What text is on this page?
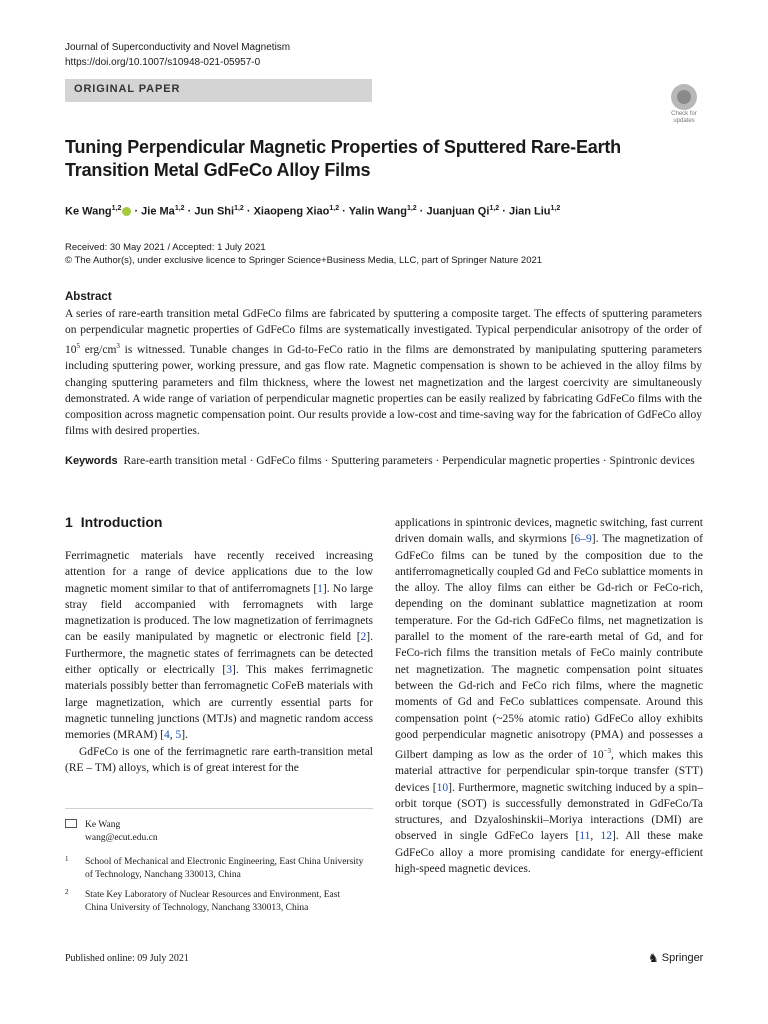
Journal of Superconductivity and Novel Magnetism
https://doi.org/10.1007/s10948-021-05957-0
ORIGINAL PAPER
Check for
updates
Tuning Perpendicular Magnetic Properties of Sputtered Rare-Earth
Transition Metal GdFeCo Alloy Films
Ke Wang$^{1,2}$ · Jie Ma$^{1,2}$ · Jun Shi$^{1,2}$ · Xiaopeng Xiao$^{1,2}$ · Yalin Wang$^{1,2}$ · Juanjuan Qi$^{1,2}$ · Jian Liu$^{1,2}$
Received: 30 May 2021 / Accepted: 1 July 2021
© The Author(s), under exclusive licence to Springer Science+Business Media, LLC, part of Springer Nature 2021
Abstract
A series of rare-earth transition metal GdFeCo films are fabricated by sputtering a composite target. The effects of sputtering parameters on perpendicular magnetic properties of GdFeCo films are systematically investigated. Typical perpendicular anisotropy of the order of $10^5$ erg/$cm^3$ is witnessed. Tunable changes in Gd-to-FeCo ratio in the films are demonstrated by manipulating sputtering parameters including sputtering power, working pressure, and gas flow rate. Magnetic compensation is shown to be achieved in the alloy films by changing sputtering parameters and film thickness, where the lowest net magnetization and the largest coercivity are simultaneously demonstrated. A wide range of variation of perpendicular magnetic properties can be easily realized by fabricating GdFeCo films with the composition across magnetic compensation point. Our results provide a low-cost and time-saving way for the fabrication of GdFeCo alloy films with desired properties.
Keywords Rare-earth transition metal · GdFeCo films · Sputtering parameters · Perpendicular magnetic properties · Spintronic devices
1 Introduction

Ferrimagnetic materials have recently received increasing attention for a range of device applications due to the low magnetic moment similar to that of antiferromagnets [1]. No large stray field accompanied with ferromagnets with large magnetization is produced. The low magnetization of ferrimagnets can be easily manipulated by magnetic or electronic field [2]. Furthermore, the magnetic states of ferrimagnets can be detected either optically or electrically [3]. This makes ferrimagnetic materials possibly better than ferromagnetic CoFeB materials with large magnetization, which are currently essential parts for magnetic tunneling junctions (MTJs) and magnetic random access memories (MRAM) [4, 5].

GdFeCo is one of the ferrimagnetic rare earth-transition metal (RE – TM) alloys, which is of great interest for the

applications in spintronic devices, magnetic switching, fast current driven domain walls, and skyrmions [6–9]. The magnetization of GdFeCo films can be tuned by the composition due to the antiferromagnetically coupled Gd and FeCo sublattice moments in the alloy. The alloy films can either be Gd-rich or FeCo-rich, depending on the dominant sublattice magnetization at room temperature. For the Gd-rich GdFeCo films, net magnetization is parallel to the moment of the rare-earth metal of Gd, and for FeCo-rich films the transition metals of FeCo mainly contribute net magnetization. The magnetic compensation point situates between the Gd-rich and FeCo rich films, where the magnetic moments of Gd and FeCo sublattices compensate. Around this compensation point (~25% atomic ratio) GdFeCo alloy exhibits good perpendicular magnetic anisotropy (PMA) and possesses a Gilbert damping as low as the order of $10^{-3}$, which makes this material attractive for perpendicular spin-torque transfer (STT) devices [10]. Furthermore, magnetic switching induced by a spin–orbit torque (SOT) is successfully demonstrated in GdFeCo/Ta structures, and Dzyaloshinskii–Moriya interactions (DMI) are observed in single GdFeCo layers [11, 12]. All these make GdFeCo alloy a more promising candidate for energy-efficient high-speed magnetic devices.

Ke Wang
wang@ecut.edu.cn
1 School of Mechanical and Electronic Engineering, East China University of Technology, Nanchang 330013, China
2 State Key Laboratory of Nuclear Resources and Environment, East China University of Technology, Nanchang 330013, China
Published online: 09 July 2021	♞ Springer
